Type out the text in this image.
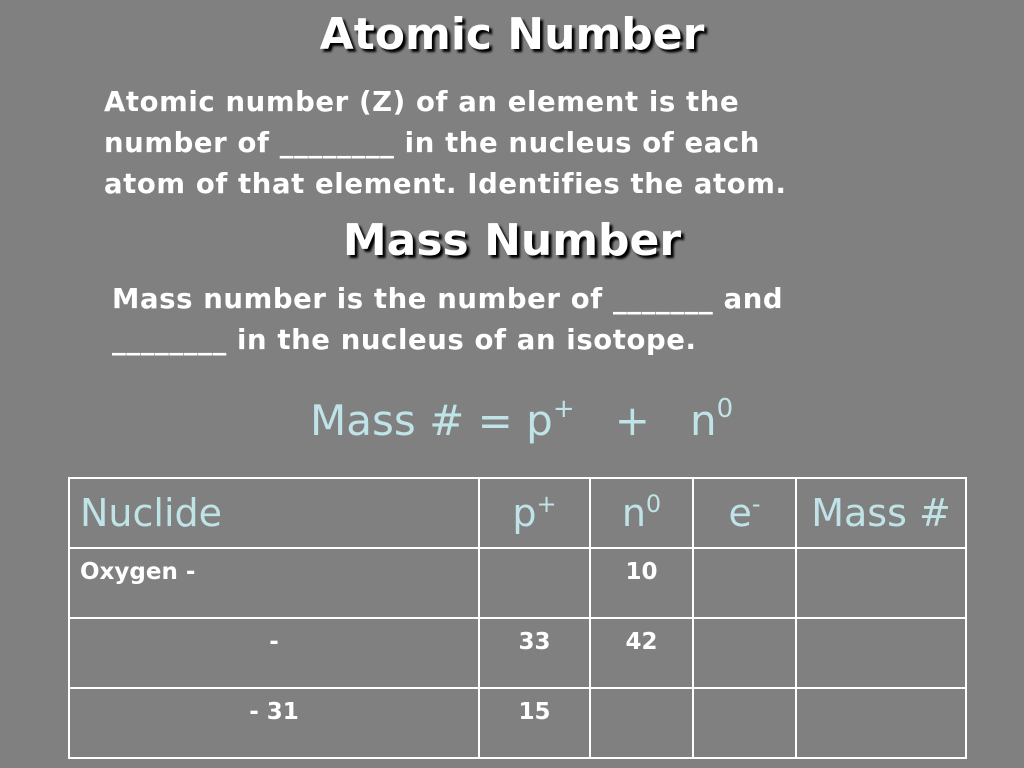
Atomic Number
Atomic number (Z) of an element is the
number of ________ in the nucleus of each
atom of that element. Identifies the atom.
Mass Number
Mass number is the number of _______ and
________ in the nucleus of an isotope.
Mass # = $p^+ + n^0$
Nuclide	p+	$n^0$	e-	Mass #
Oxygen -		10		
-	33	42		
- 31	15			
